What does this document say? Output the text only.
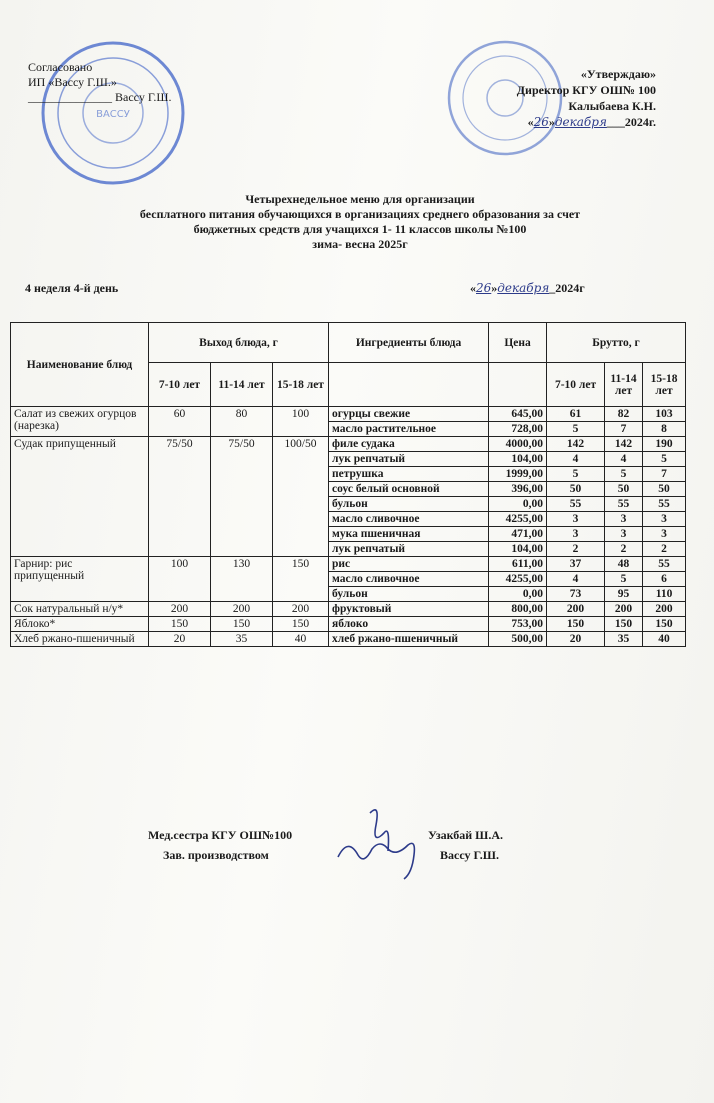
ВАССУ
Согласовано
ИП «Вассу Г.Ш.»
______________ Вассу Г.Ш.
«Утверждаю»
Директор КГУ ОШ№ 100
Калыбаева К.Н.
«26»декабря___2024г.
Четырехнедельное меню для организации
бесплатного питания обучающихся в организациях среднего образования за счет
бюджетных средств для учащихся 1- 11 классов школы №100
зима- весна 2025г
4 неделя 4-й день	«26»декабря_2024г
Наименование блюд	Выход блюда, г			Ингредиенты блюда	Цена	Брутто, г		
	7-10 лет	11-14 лет	15-18 лет			7-10 лет	11-14 лет	15-18 лет
Салат из свежих огурцов (нарезка)	60	80	100	огурцы свежие	645,00	61	82	103
				масло растительное	728,00	5	7	8
Судак припущенный	75/50	75/50	100/50	филе судака	4000,00	142	142	190
				лук репчатый	104,00	4	4	5
				петрушка	1999,00	5	5	7
				соус белый основной	396,00	50	50	50
				бульон	0,00	55	55	55
				масло сливочное	4255,00	3	3	3
				мука пшеничная	471,00	3	3	3
				лук репчатый	104,00	2	2	2
Гарнир: рис припущенный	100	130	150	рис	611,00	37	48	55
				масло сливочное	4255,00	4	5	6
				бульон	0,00	73	95	110
Сок натуральный н/у*	200	200	200	фруктовый	800,00	200	200	200
Яблоко*	150	150	150	яблоко	753,00	150	150	150
Хлеб ржано-пшеничный	20	35	40	хлеб ржано-пшеничный	500,00	20	35	40
Мед.сестра КГУ ОШ№100	Узакбай Ш.А.
Зав. производством	Вассу Г.Ш.
